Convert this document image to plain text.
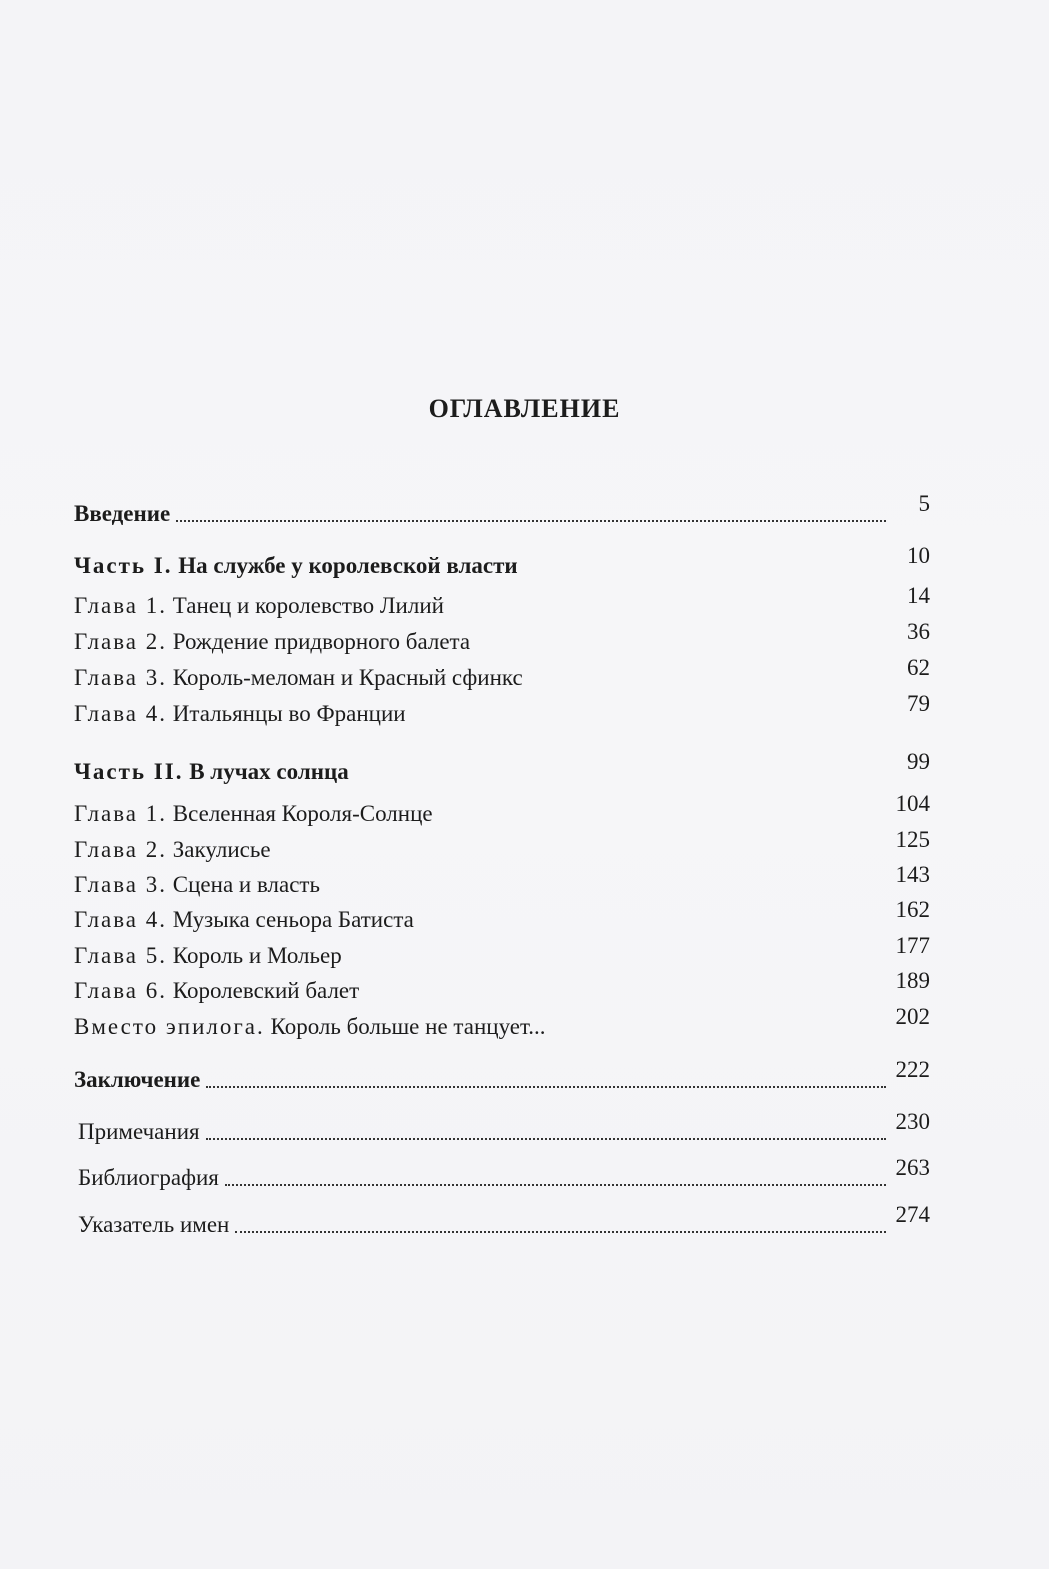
ОГЛАВЛЕНИЕ
Введение	5
Часть I. На службе у королевской власти	10
Глава 1. Танец и королевство Лилий	14
Глава 2. Рождение придворного балета	36
Глава 3. Король-меломан и Красный сфинкс	62
Глава 4. Итальянцы во Франции	79
Часть II. В лучах солнца	99
Глава 1. Вселенная Короля-Солнце	104
Глава 2. Закулисье	125
Глава 3. Сцена и власть	143
Глава 4. Музыка сеньора Батиста	162
Глава 5. Король и Мольер	177
Глава 6. Королевский балет	189
Вместо эпилога. Король больше не танцует...	202
Заключение	222
Примечания	230
Библиография	263
Указатель имен	274
